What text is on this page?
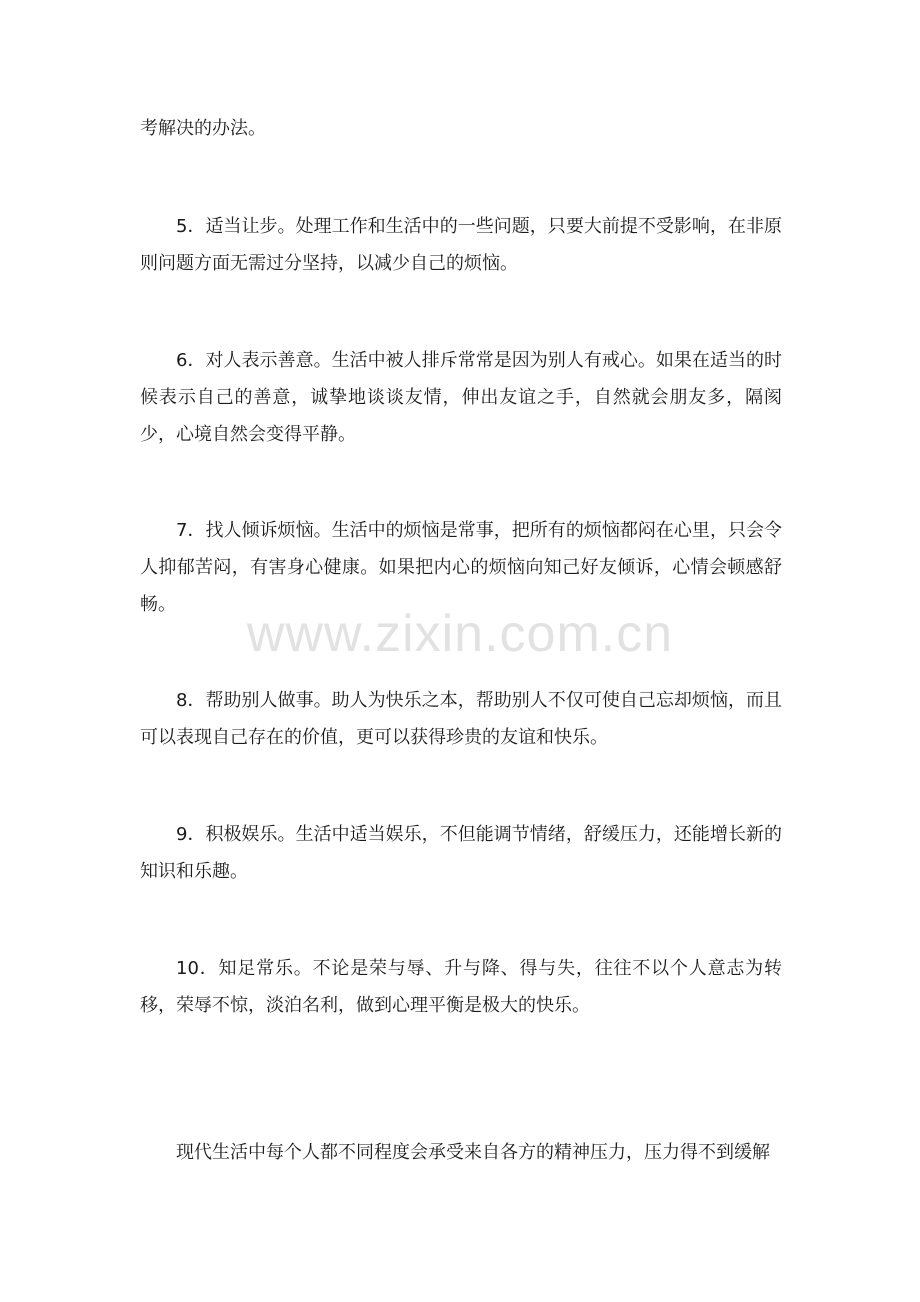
考解决的办法。

5．适当让步。处理工作和生活中的一些问题，只要大前提不受影响，在非原则问题方面无需过分坚持，以减少自己的烦恼。

6．对人表示善意。生活中被人排斥常常是因为别人有戒心。如果在适当的时候表示自己的善意，诚挚地谈谈友情，伸出友谊之手，自然就会朋友多，隔阂少，心境自然会变得平静。

7．找人倾诉烦恼。生活中的烦恼是常事，把所有的烦恼都闷在心里，只会令人抑郁苦闷，有害身心健康。如果把内心的烦恼向知己好友倾诉，心情会顿感舒畅。

8．帮助别人做事。助人为快乐之本，帮助别人不仅可使自己忘却烦恼，而且可以表现自己存在的价值，更可以获得珍贵的友谊和快乐。

9．积极娱乐。生活中适当娱乐，不但能调节情绪，舒缓压力，还能增长新的知识和乐趣。

10．知足常乐。不论是荣与辱、升与降、得与失，往往不以个人意志为转移，荣辱不惊，淡泊名利，做到心理平衡是极大的快乐。

现代生活中每个人都不同程度会承受来自各方的精神压力，压力得不到缓解

www.zixin.com.cn
